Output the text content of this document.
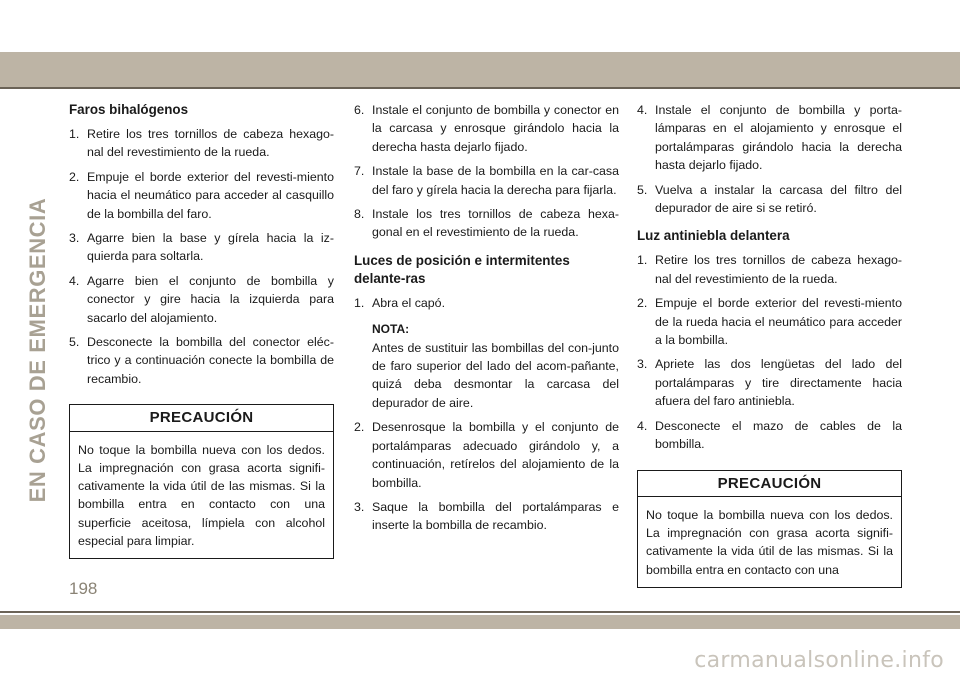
EN CASO DE EMERGENCIA
Faros bihalógenos
1. Retire los tres tornillos de cabeza hexago-nal del revestimiento de la rueda.
2. Empuje el borde exterior del revesti-miento hacia el neumático para acceder al casquillo de la bombilla del faro.
3. Agarre bien la base y gírela hacia la iz-quierda para soltarla.
4. Agarre bien el conjunto de bombilla y conector y gire hacia la izquierda para sacarlo del alojamiento.
5. Desconecte la bombilla del conector eléc-trico y a continuación conecte la bombilla de recambio.
PRECAUCIÓN
No toque la bombilla nueva con los dedos. La impregnación con grasa acorta signifi-cativamente la vida útil de las mismas. Si la bombilla entra en contacto con una superficie aceitosa, límpiela con alcohol especial para limpiar.
6. Instale el conjunto de bombilla y conector en la carcasa y enrosque girándolo hacia la derecha hasta dejarlo fijado.
7. Instale la base de la bombilla en la car-casa del faro y gírela hacia la derecha para fijarla.
8. Instale los tres tornillos de cabeza hexa-gonal en el revestimiento de la rueda.
Luces de posición e intermitentes delante-ras
1. Abra el capó.
NOTA:
Antes de sustituir las bombillas del con-junto de faro superior del lado del acom-pañante, quizá deba desmontar la carcasa del depurador de aire.
2. Desenrosque la bombilla y el conjunto de portalámparas adecuado girándolo y, a continuación, retírelos del alojamiento de la bombilla.
3. Saque la bombilla del portalámparas e inserte la bombilla de recambio.
4. Instale el conjunto de bombilla y porta-lámparas en el alojamiento y enrosque el portalámparas girándolo hacia la derecha hasta dejarlo fijado.
5. Vuelva a instalar la carcasa del filtro del depurador de aire si se retiró.
Luz antiniebla delantera
1. Retire los tres tornillos de cabeza hexago-nal del revestimiento de la rueda.
2. Empuje el borde exterior del revesti-miento de la rueda hacia el neumático para acceder a la bombilla.
3. Apriete las dos lengüetas del lado del portalámparas y tire directamente hacia afuera del faro antiniebla.
4. Desconecte el mazo de cables de la bombilla.
PRECAUCIÓN
No toque la bombilla nueva con los dedos. La impregnación con grasa acorta signifi-cativamente la vida útil de las mismas. Si la bombilla entra en contacto con una
198
carmanualsonline.info
